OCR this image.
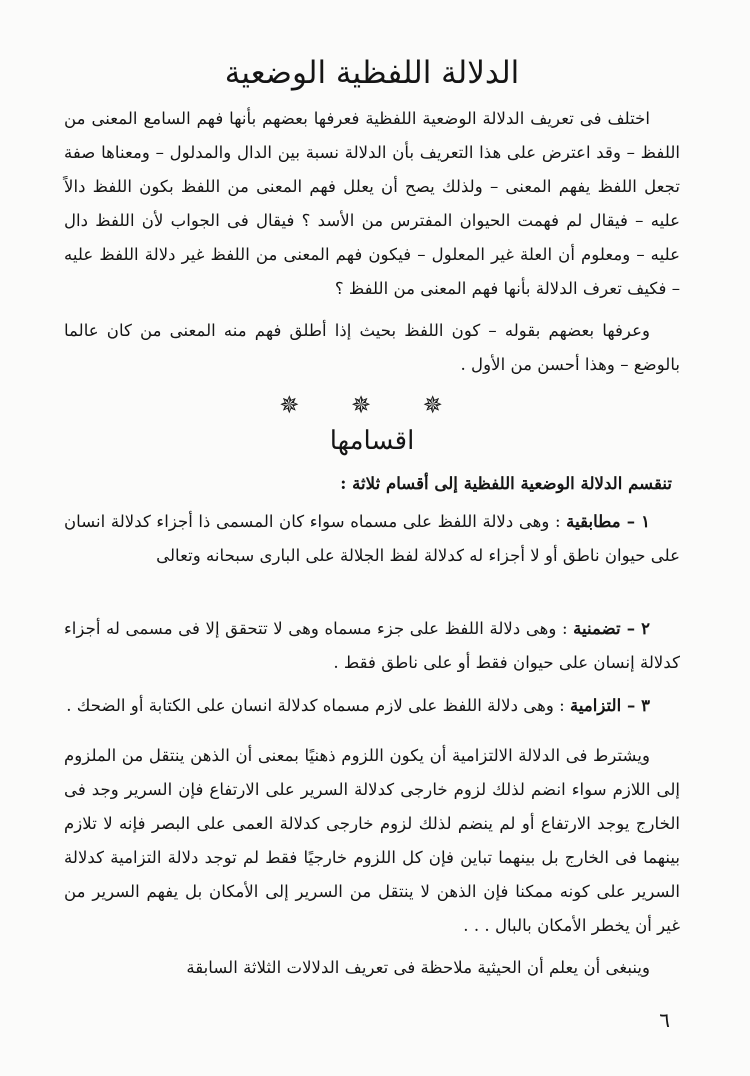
الدلالة اللفظية الوضعية

اختلف فى تعريف الدلالة الوضعية اللفظية فعرفها بعضهم بأنها فهم السامع المعنى من اللفظ – وقد اعترض على هذا التعريف بأن الدلالة نسبة بين الدال والمدلول – ومعناها صفة تجعل اللفظ يفهم المعنى – ولذلك يصح أن يعلل فهم المعنى من اللفظ بكون اللفظ دالاً عليه – فيقال لم فهمت الحيوان المفترس من الأسد ؟ فيقال فى الجواب لأن اللفظ دال عليه – ومعلوم أن العلة غير المعلول – فيكون فهم المعنى من اللفظ غير دلالة اللفظ عليه – فكيف تعرف الدلالة بأنها فهم المعنى من اللفظ ؟

وعرفها بعضهم بقوله – كون اللفظ بحيث إذا أطلق فهم منه المعنى من كان عالما بالوضع – وهذا أحسن من الأول .

✵ ✵ ✵
اقسامها

تنقسم الدلالة الوضعية اللفظية إلى أقسام ثلاثة :

١ – مطابقية : وهى دلالة اللفظ على مسماه سواء كان المسمى ذا أجزاء كدلالة انسان على حيوان ناطق أو لا أجزاء له كدلالة لفظ الجلالة على البارى سبحانه وتعالى

٢ – تضمنية : وهى دلالة اللفظ على جزء مسماه وهى لا تتحقق إلا فى مسمى له أجزاء كدلالة إنسان على حيوان فقط أو على ناطق فقط .

٣ – التزامية : وهى دلالة اللفظ على لازم مسماه كدلالة انسان على الكتابة أو الضحك .

ويشترط فى الدلالة الالتزامية أن يكون اللزوم ذهنيًا بمعنى أن الذهن ينتقل من الملزوم إلى اللازم سواء انضم لذلك لزوم خارجى كدلالة السرير على الارتفاع فإن السرير وجد فى الخارج يوجد الارتفاع أو لم ينضم لذلك لزوم خارجى كدلالة العمى على البصر فإنه لا تلازم بينهما فى الخارج بل بينهما تباين فإن كل اللزوم خارجيًا فقط لم توجد دلالة التزامية كدلالة السرير على كونه ممكنا فإن الذهن لا ينتقل من السرير إلى الأمكان بل يفهم السرير من غير أن يخطر الأمكان بالبال . . .

وينبغى أن يعلم أن الحيثية ملاحظة فى تعريف الدلالات الثلاثة السابقة

٦
